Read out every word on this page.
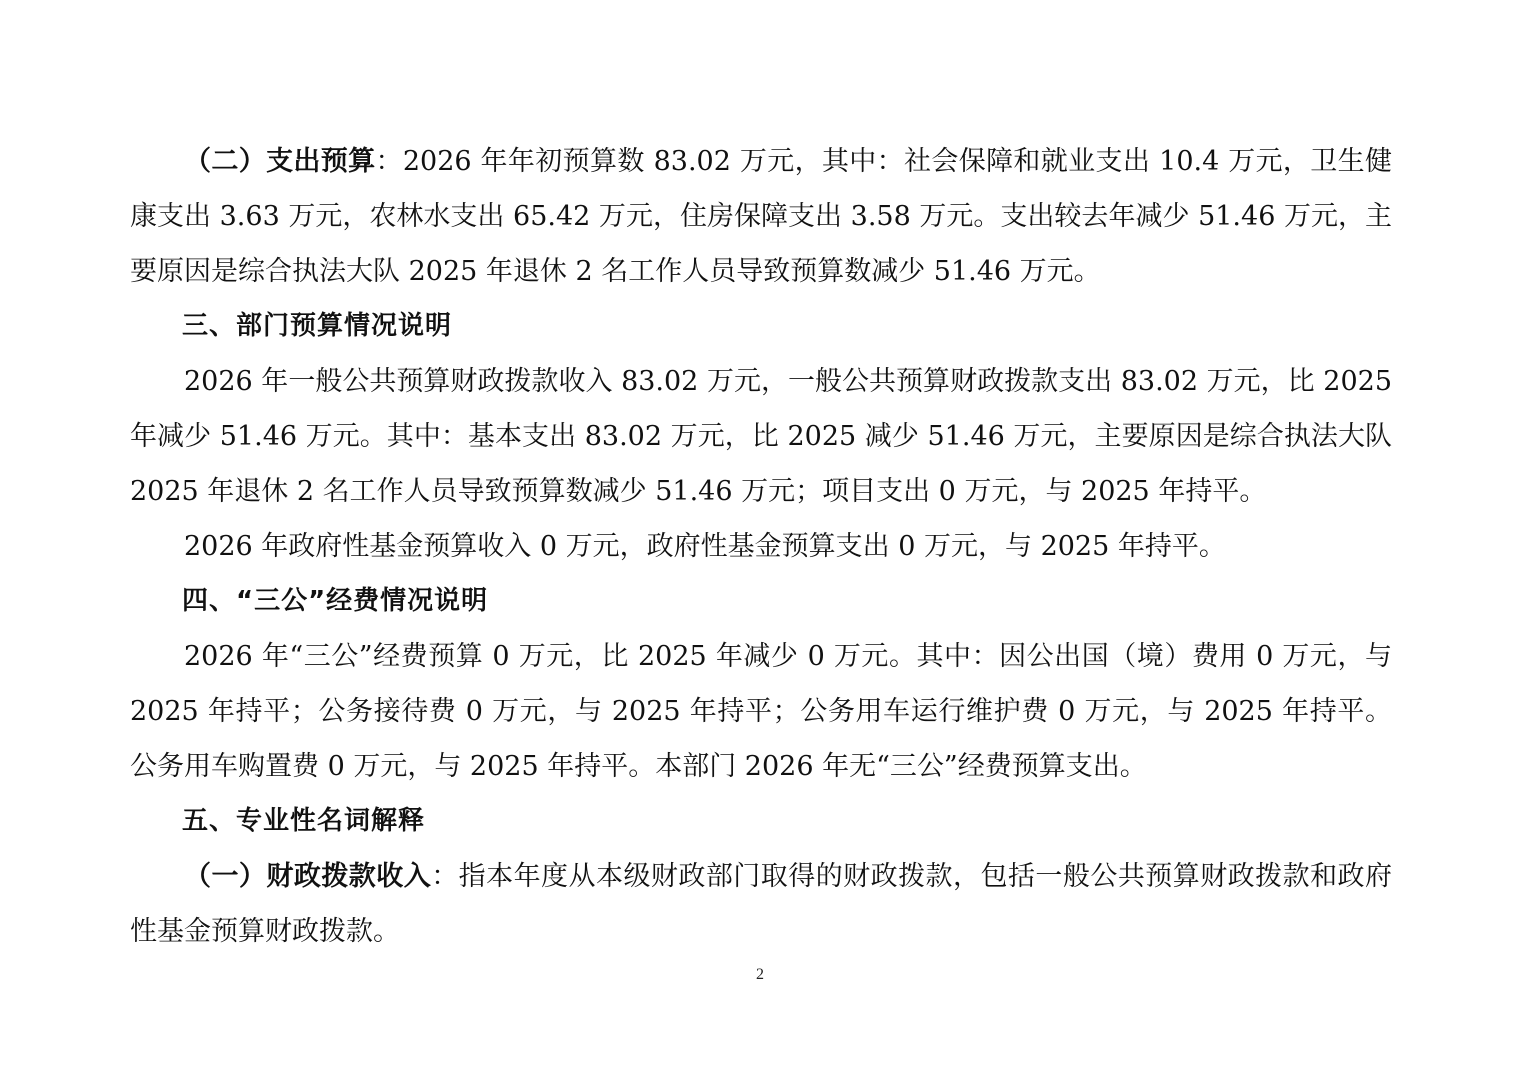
（二）支出预算：2026 年年初预算数 83.02 万元，其中：社会保障和就业支出 10.4 万元，卫生健康支出 3.63 万元，农林水支出 65.42 万元，住房保障支出 3.58 万元。支出较去年减少 51.46 万元，主要原因是综合执法大队 2025 年退休 2 名工作人员导致预算数减少 51.46 万元。

三、部门预算情况说明

2026 年一般公共预算财政拨款收入 83.02 万元，一般公共预算财政拨款支出 83.02 万元，比 2025 年减少 51.46 万元。其中：基本支出 83.02 万元，比 2025 减少 51.46 万元，主要原因是综合执法大队 2025 年退休 2 名工作人员导致预算数减少 51.46 万元；项目支出 0 万元，与 2025 年持平。

2026 年政府性基金预算收入 0 万元，政府性基金预算支出 0 万元，与 2025 年持平。

四、“三公”经费情况说明

2026 年“三公”经费预算 0 万元，比 2025 年减少 0 万元。其中：因公出国（境）费用 0 万元，与 2025 年持平；公务接待费 0 万元，与 2025 年持平；公务用车运行维护费 0 万元，与 2025 年持平。公务用车购置费 0 万元，与 2025 年持平。本部门 2026 年无“三公”经费预算支出。

五、专业性名词解释

（一）财政拨款收入：指本年度从本级财政部门取得的财政拨款，包括一般公共预算财政拨款和政府性基金预算财政拨款。

2
